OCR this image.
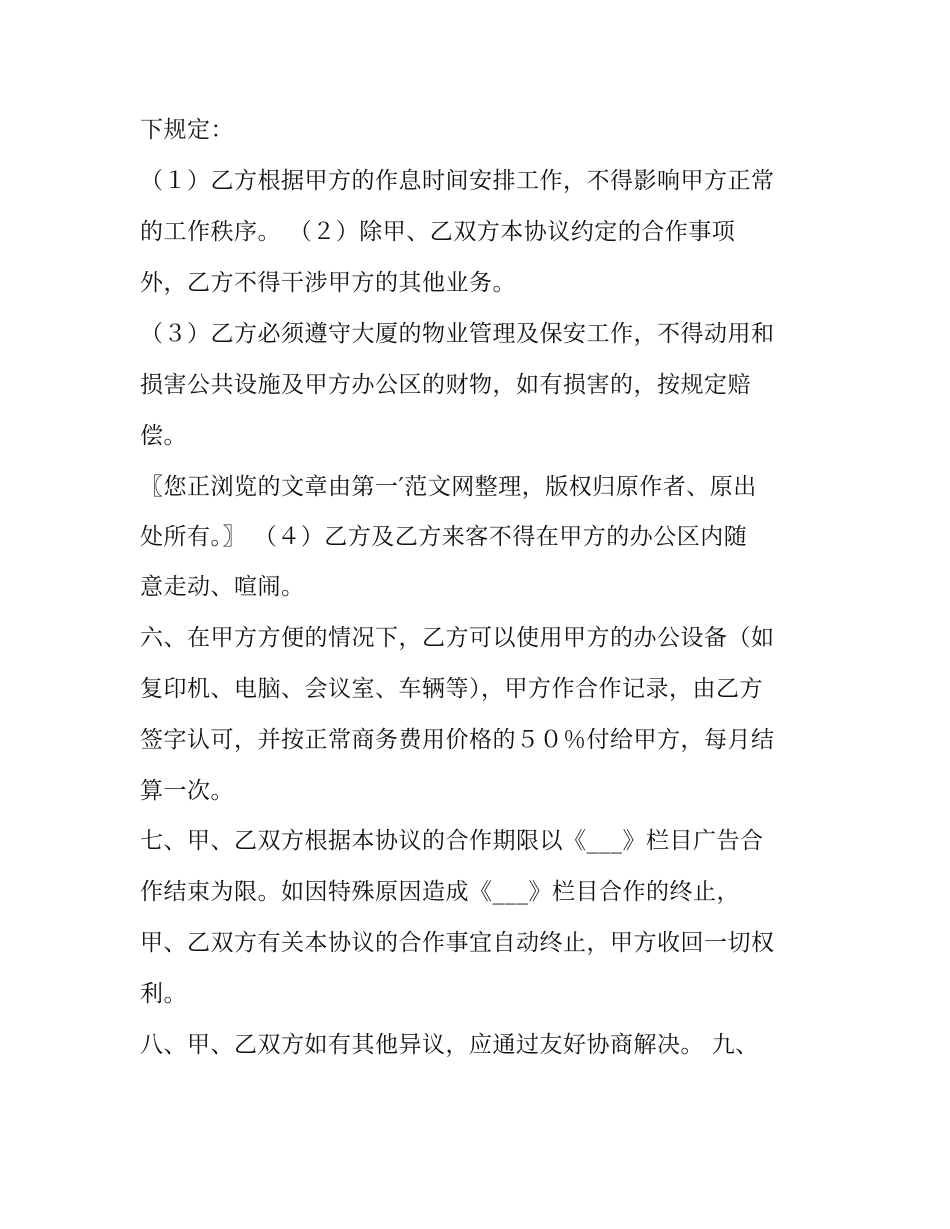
下规定：
（１）乙方根据甲方的作息时间安排工作，不得影响甲方正常
的工作秩序。 （２）除甲、乙双方本协议约定的合作事项
外，乙方不得干涉甲方的其他业务。
（３）乙方必须遵守大厦的物业管理及保安工作，不得动用和
损害公共设施及甲方办公区的财物，如有损害的，按规定赔
偿。
〖您正浏览的文章由第一′范文网整理，版权归原作者、原出
处所有。〗 （４）乙方及乙方来客不得在甲方的办公区内随
意走动、喧闹。
六、在甲方方便的情况下，乙方可以使用甲方的办公设备（如
复印机、电脑、会议室、车辆等），甲方作合作记录，由乙方
签字认可，并按正常商务费用价格的５０％付给甲方，每月结
算一次。
七、甲、乙双方根据本协议的合作期限以《___》栏目广告合
作结束为限。如因特殊原因造成《___》栏目合作的终止，
甲、乙双方有关本协议的合作事宜自动终止，甲方收回一切权
利。
八、甲、乙双方如有其他异议，应通过友好协商解决。 九、
